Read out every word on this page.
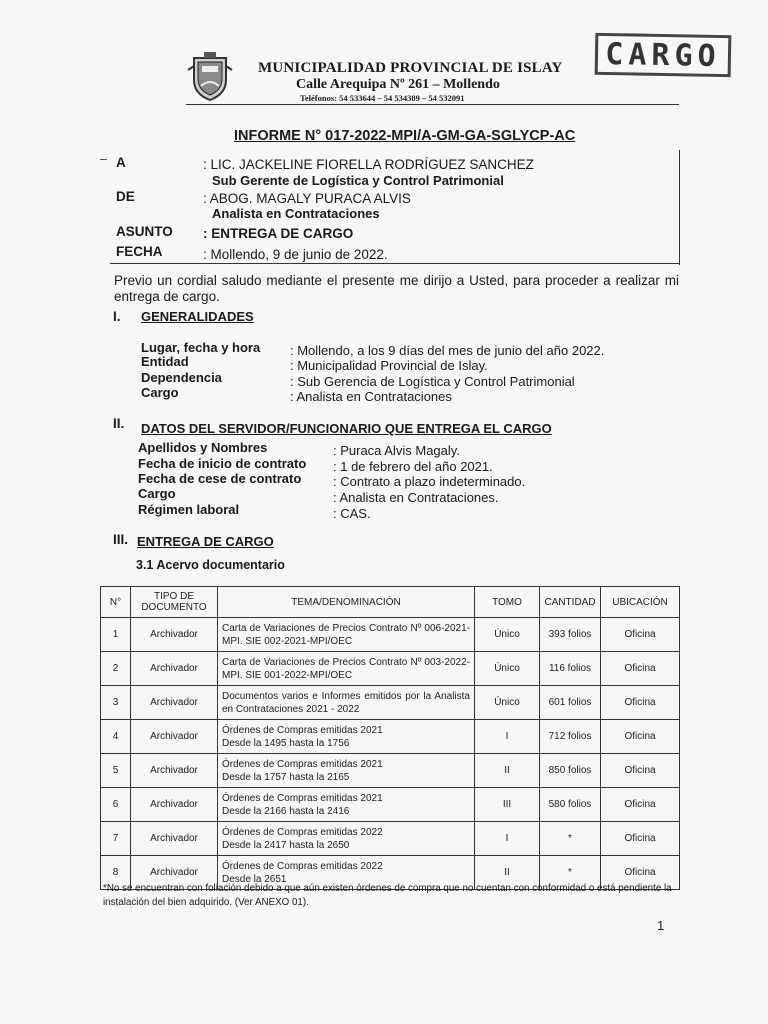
MUNICIPALIDAD PROVINCIAL DE ISLAY
Calle Arequipa Nº 261 – Mollendo
Teléfonos: 54 533644 – 54 534389 – 54 532091
CARGO
INFORME N° 017-2022-MPI/A-GM-GA-SGLYCP-AC
A	: LIC. JACKELINE FIORELLA RODRÍGUEZ SANCHEZ
Sub Gerente de Logística y Control Patrimonial
DE	: ABOG. MAGALY PURACA ALVIS
Analista en Contrataciones
ASUNTO : ENTREGA DE CARGO
FECHA	: Mollendo, 9 de junio de 2022.
Previo un cordial saludo mediante el presente me dirijo a Usted, para proceder a realizar mi entrega de cargo.
I. GENERALIDADES
Lugar, fecha y hora : Mollendo, a los 9 días del mes de junio del año 2022.
Entidad	: Municipalidad Provincial de Islay.
Dependencia	: Sub Gerencia de Logística y Control Patrimonial
Cargo	: Analista en Contrataciones
II. DATOS DEL SERVIDOR/FUNCIONARIO QUE ENTREGA EL CARGO
Apellidos y Nombres	: Puraca Alvis Magaly.
Fecha de inicio de contrato : 1 de febrero del año 2021.
Fecha de cese de contrato : Contrato a plazo indeterminado.
Cargo	: Analista en Contrataciones.
Régimen laboral	: CAS.
III. ENTREGA DE CARGO
3.1 Acervo documentario
N°	TIPO DE DOCUMENTO	TEMA/DENOMINACIÓN	TOMO	CANTIDAD	UBICACIÓN
1	Archivador	Carta de Variaciones de Precios Contrato Nº 006-2021-MPI. SIE 002-2021-MPI/OEC	Único	393 folios	Oficina
2	Archivador	Carta de Variaciones de Precios Contrato Nº 003-2022-MPI. SIE 001-2022-MPI/OEC	Único	116 folios	Oficina
3	Archivador	Documentos varios e Informes emitidos por la Analista en Contrataciones 2021 - 2022	Único	601 folios	Oficina
4	Archivador	Órdenes de Compras emitidas 2021
Desde la 1495 hasta la 1756	I	712 folios	Oficina
5	Archivador	Órdenes de Compras emitidas 2021
Desde la 1757 hasta la 2165	II	850 folios	Oficina
6	Archivador	Órdenes de Compras emitidas 2021
Desde la 2166 hasta la 2416	III	580 folios	Oficina
7	Archivador	Órdenes de Compras emitidas 2022
Desde la 2417 hasta la 2650	I	*	Oficina
8	Archivador	Órdenes de Compras emitidas 2022
Desde la 2651	II	*	Oficina
*No se encuentran con foliación debido a que aún existen órdenes de compra que no cuentan con conformidad o está pendiente la instalación del bien adquirido. (Ver ANEXO 01).
1
